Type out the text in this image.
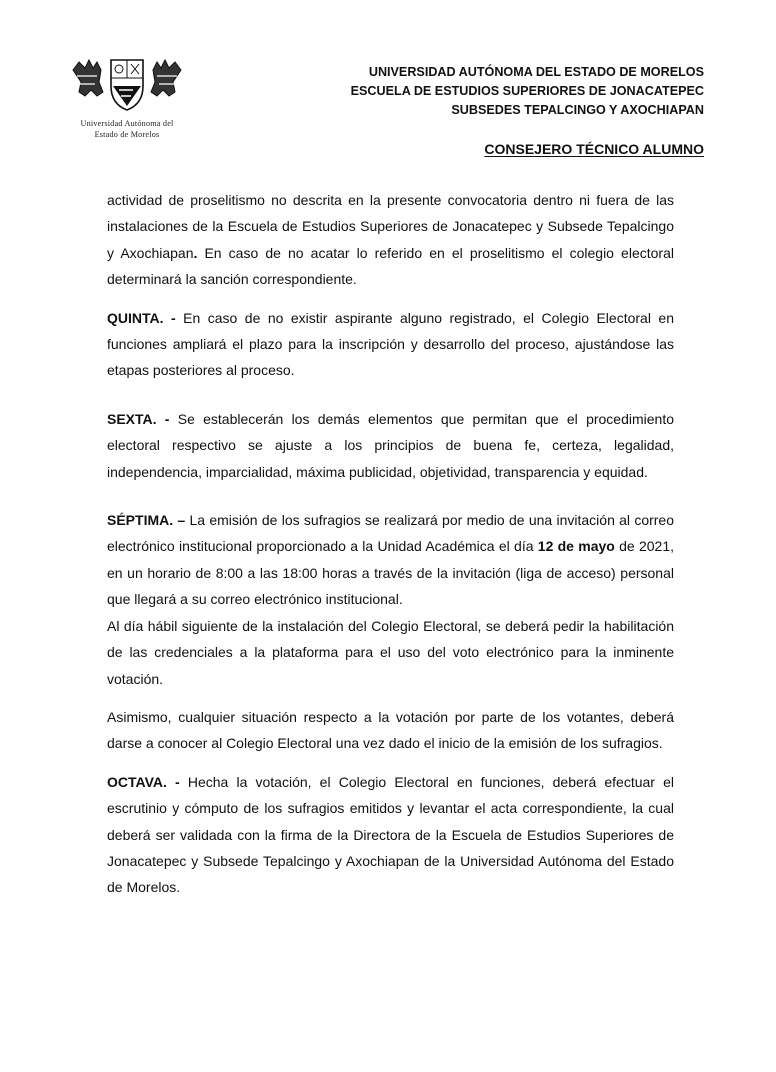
Universidad Autónoma del
Estado de Morelos
UNIVERSIDAD AUTÓNOMA DEL ESTADO DE MORELOS
ESCUELA DE ESTUDIOS SUPERIORES DE JONACATEPEC
SUBSEDES TEPALCINGO Y AXOCHIAPAN
CONSEJERO TÉCNICO ALUMNO

actividad de proselitismo no descrita en la presente convocatoria dentro ni fuera de las instalaciones de la Escuela de Estudios Superiores de Jonacatepec y Subsede Tepalcingo y Axochiapan. En caso de no acatar lo referido en el proselitismo el colegio electoral determinará la sanción correspondiente.

QUINTA. - En caso de no existir aspirante alguno registrado, el Colegio Electoral en funciones ampliará el plazo para la inscripción y desarrollo del proceso, ajustándose las etapas posteriores al proceso.

SEXTA. - Se establecerán los demás elementos que permitan que el procedimiento electoral respectivo se ajuste a los principios de buena fe, certeza, legalidad, independencia, imparcialidad, máxima publicidad, objetividad, transparencia y equidad.

SÉPTIMA. – La emisión de los sufragios se realizará por medio de una invitación al correo electrónico institucional proporcionado a la Unidad Académica el día 12 de mayo de 2021, en un horario de 8:00 a las 18:00 horas a través de la invitación (liga de acceso) personal que llegará a su correo electrónico institucional.

Al día hábil siguiente de la instalación del Colegio Electoral, se deberá pedir la habilitación de las credenciales a la plataforma para el uso del voto electrónico para la inminente votación.

Asimismo, cualquier situación respecto a la votación por parte de los votantes, deberá darse a conocer al Colegio Electoral una vez dado el inicio de la emisión de los sufragios.

OCTAVA. - Hecha la votación, el Colegio Electoral en funciones, deberá efectuar el escrutinio y cómputo de los sufragios emitidos y levantar el acta correspondiente, la cual deberá ser validada con la firma de la Directora de la Escuela de Estudios Superiores de Jonacatepec y Subsede Tepalcingo y Axochiapan de la Universidad Autónoma del Estado de Morelos.
